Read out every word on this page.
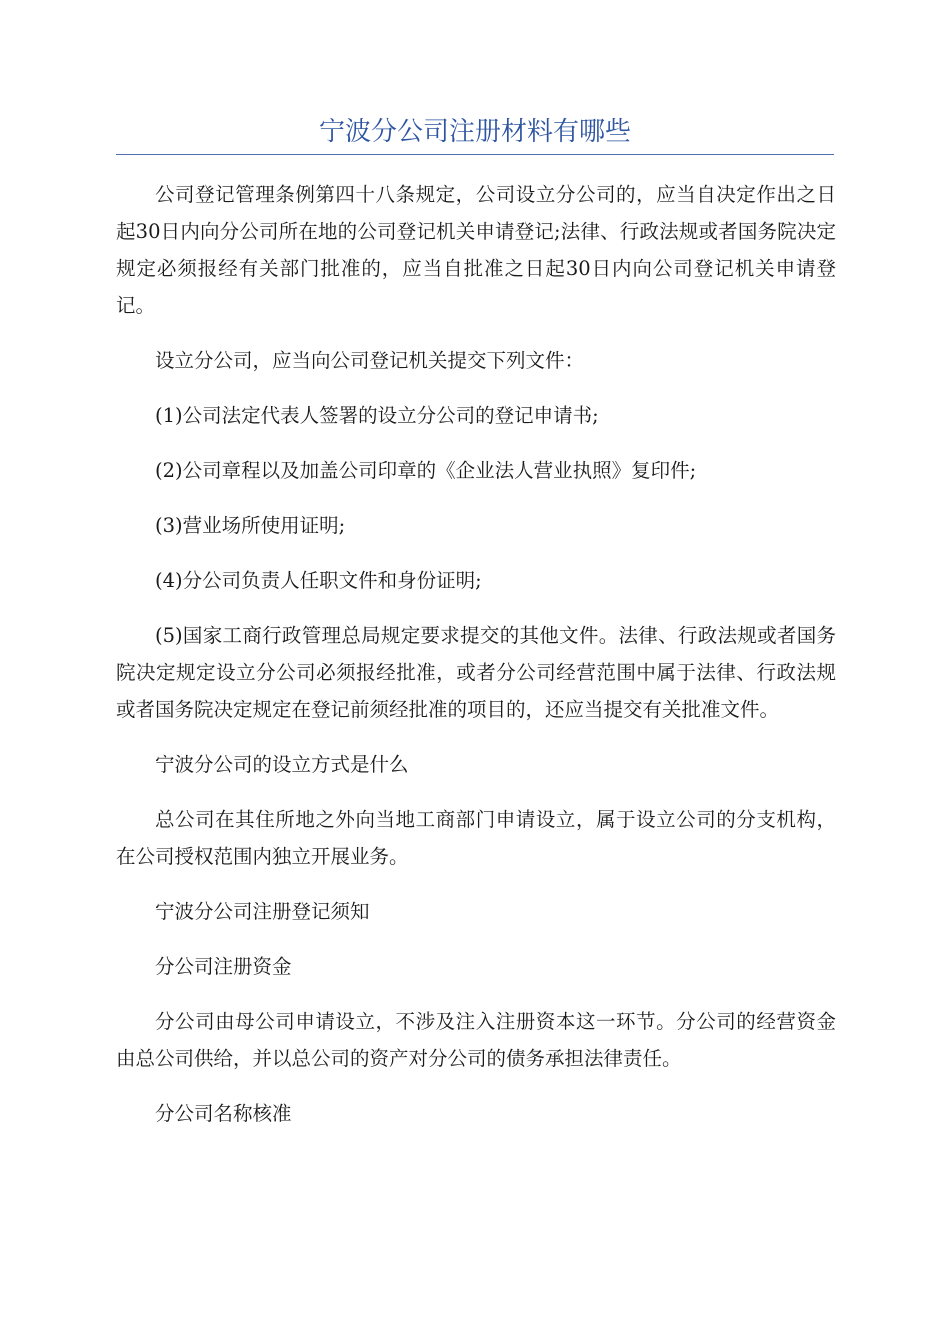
宁波分公司注册材料有哪些

公司登记管理条例第四十八条规定，公司设立分公司的，应当自决定作出之日起30日内向分公司所在地的公司登记机关申请登记;法律、行政法规或者国务院决定规定必须报经有关部门批准的，应当自批准之日起30日内向公司登记机关申请登记。

设立分公司，应当向公司登记机关提交下列文件：

(1)公司法定代表人签署的设立分公司的登记申请书;

(2)公司章程以及加盖公司印章的《企业法人营业执照》复印件;

(3)营业场所使用证明;

(4)分公司负责人任职文件和身份证明;

(5)国家工商行政管理总局规定要求提交的其他文件。法律、行政法规或者国务院决定规定设立分公司必须报经批准，或者分公司经营范围中属于法律、行政法规或者国务院决定规定在登记前须经批准的项目的，还应当提交有关批准文件。

宁波分公司的设立方式是什么

总公司在其住所地之外向当地工商部门申请设立，属于设立公司的分支机构，在公司授权范围内独立开展业务。

宁波分公司注册登记须知

分公司注册资金

分公司由母公司申请设立，不涉及注入注册资本这一环节。分公司的经营资金由总公司供给，并以总公司的资产对分公司的债务承担法律责任。

分公司名称核准
